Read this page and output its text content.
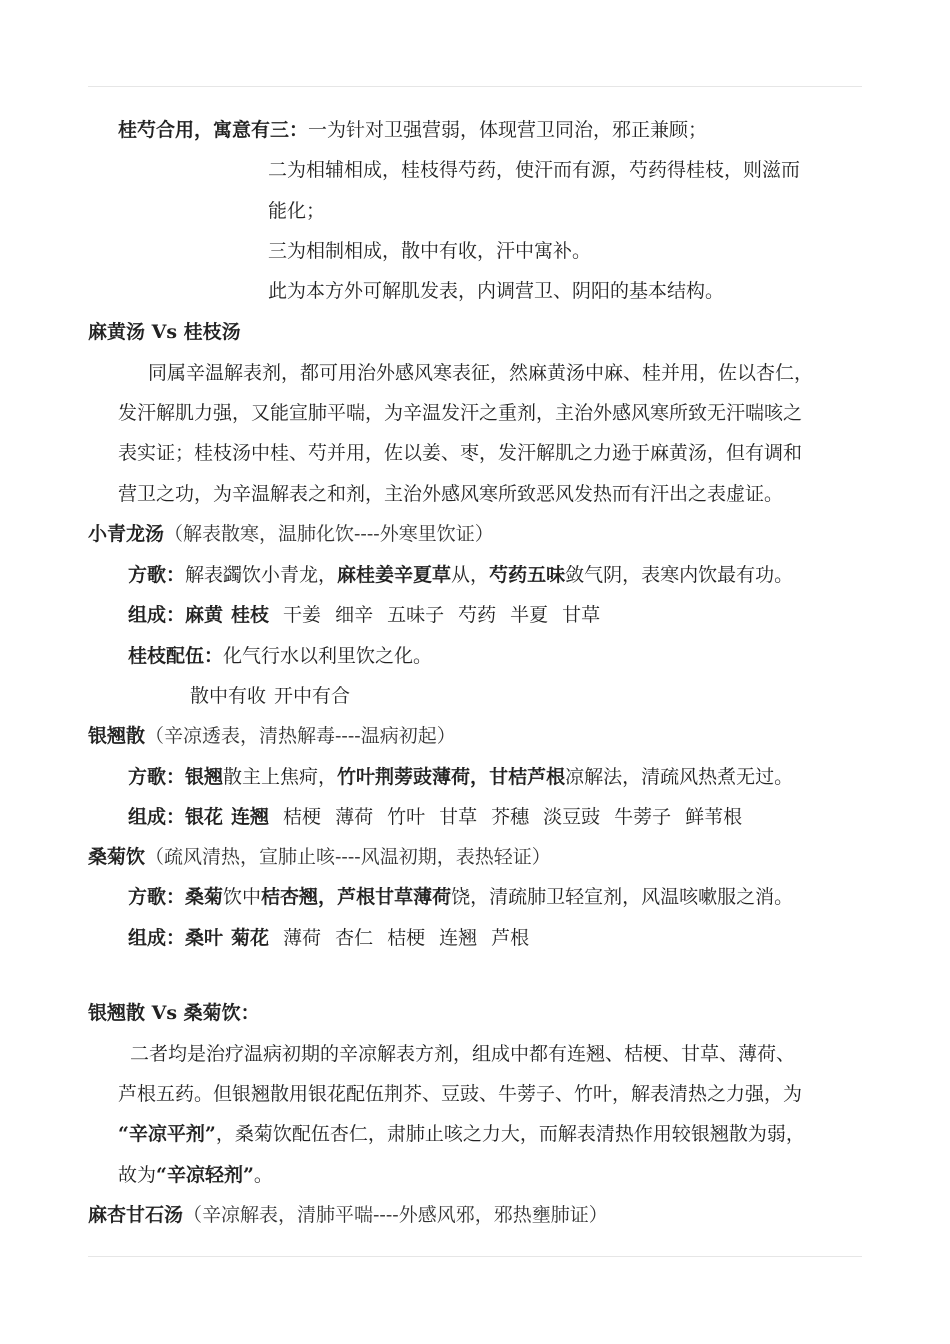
桂芍合用，寓意有三：一为针对卫强营弱，体现营卫同治，邪正兼顾；
二为相辅相成，桂枝得芍药，使汗而有源，芍药得桂枝，则滋而
能化；
三为相制相成，散中有收，汗中寓补。
此为本方外可解肌发表，内调营卫、阴阳的基本结构。
麻黄汤 Vs 桂枝汤
同属辛温解表剂，都可用治外感风寒表征，然麻黄汤中麻、桂并用，佐以杏仁，
发汗解肌力强，又能宣肺平喘，为辛温发汗之重剂，主治外感风寒所致无汗喘咳之
表实证；桂枝汤中桂、芍并用，佐以姜、枣，发汗解肌之力逊于麻黄汤，但有调和
营卫之功，为辛温解表之和剂，主治外感风寒所致恶风发热而有汗出之表虚证。
小青龙汤（解表散寒，温肺化饮----外寒里饮证）
方歌：解表蠲饮小青龙，麻桂姜辛夏草从，芍药五味敛气阴，表寒内饮最有功。
组成：麻黄 桂枝 干姜 细辛 五味子 芍药 半夏 甘草
桂枝配伍：化气行水以利里饮之化。
散中有收 开中有合
银翘散（辛凉透表，清热解毒----温病初起）
方歌：银翘散主上焦疴，竹叶荆蒡豉薄荷，甘桔芦根凉解法，清疏风热煮无过。
组成：银花 连翘 桔梗 薄荷 竹叶 甘草 芥穗 淡豆豉 牛蒡子 鲜苇根
桑菊饮（疏风清热，宣肺止咳----风温初期，表热轻证）
方歌：桑菊饮中桔杏翘，芦根甘草薄荷饶，清疏肺卫轻宣剂，风温咳嗽服之消。
组成：桑叶 菊花 薄荷 杏仁 桔梗 连翘 芦根
银翘散 Vs 桑菊饮：
二者均是治疗温病初期的辛凉解表方剂，组成中都有连翘、桔梗、甘草、薄荷、
芦根五药。但银翘散用银花配伍荆芥、豆豉、牛蒡子、竹叶，解表清热之力强，为
“辛凉平剂”，桑菊饮配伍杏仁，肃肺止咳之力大，而解表清热作用较银翘散为弱，
故为“辛凉轻剂”。
麻杏甘石汤（辛凉解表，清肺平喘----外感风邪，邪热壅肺证）
